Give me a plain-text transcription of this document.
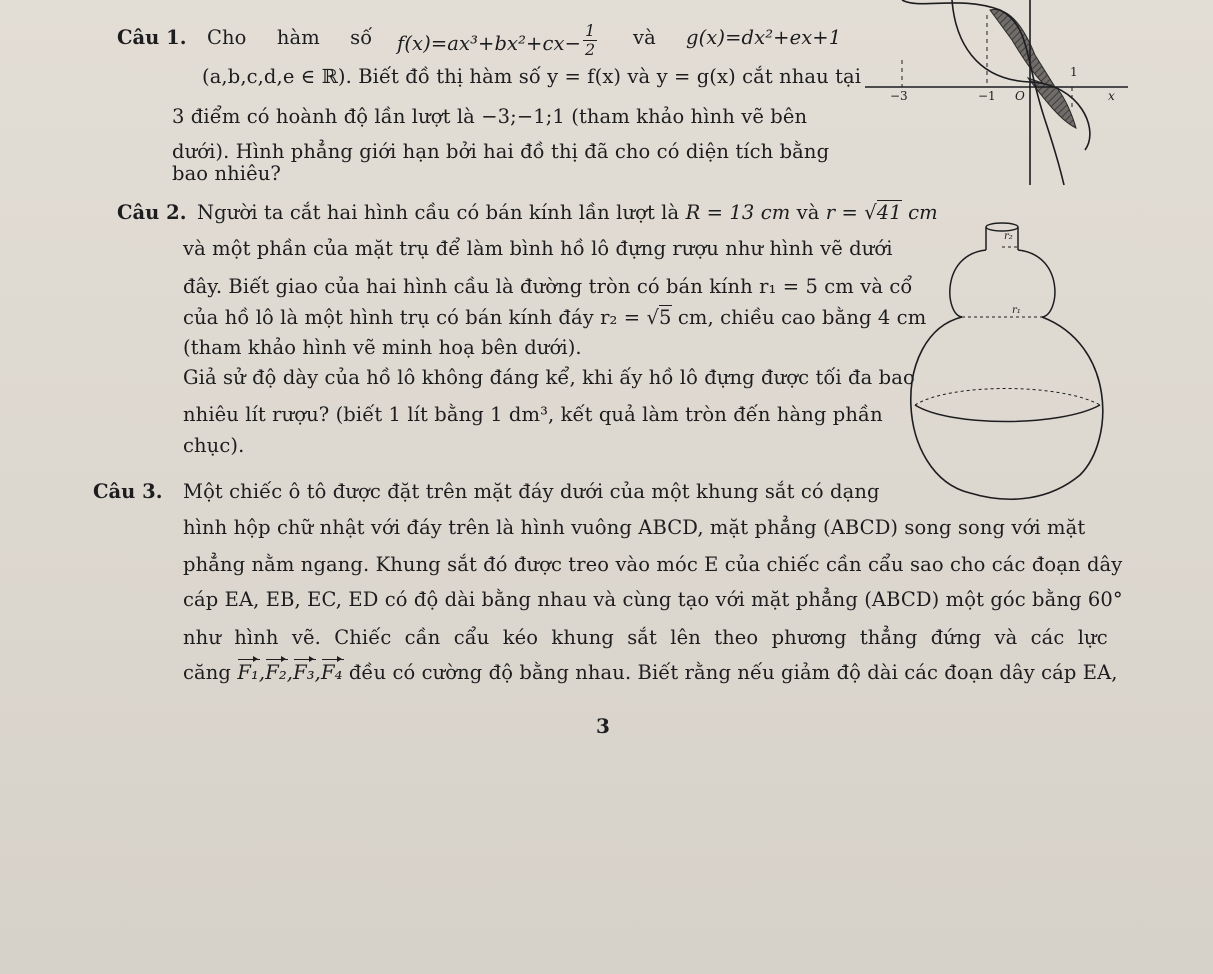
Câu 1. Cho hàm số $f(x)=ax^3+bx^2+cx- \frac{1}{2}$ và g(x)=dx²+ex+1
(a,b,c,d,e ∈ ℝ). Biết đồ thị hàm số y = f(x) và y = g(x) cắt nhau tại
3 điểm có hoành độ lần lượt là −3;−1;1 (tham khảo hình vẽ bên
dưới). Hình phẳng giới hạn bởi hai đồ thị đã cho có diện tích bằng
bao nhiêu?
−3	−1 O
1
x
Câu 2. Người ta cắt hai hình cầu có bán kính lần lượt là R = 13 cm và r = √41 cm
và một phần của mặt trụ để làm bình hồ lô đựng rượu như hình vẽ dưới
đây. Biết giao của hai hình cầu là đường tròn có bán kính r₁ = 5 cm và cổ
của hồ lô là một hình trụ có bán kính đáy r₂ = √5 cm, chiều cao bằng 4 cm
(tham khảo hình vẽ minh hoạ bên dưới).
Giả sử độ dày của hồ lô không đáng kể, khi ấy hồ lô đựng được tối đa bao
nhiêu lít rượu? (biết 1 lít bằng 1 dm³, kết quả làm tròn đến hàng phần
chục).
r₂
r₁
Câu 3. Một chiếc ô tô được đặt trên mặt đáy dưới của một khung sắt có dạng
hình hộp chữ nhật với đáy trên là hình vuông ABCD, mặt phẳng (ABCD) song song với mặt
phẳng nằm ngang. Khung sắt đó được treo vào móc E của chiếc cần cẩu sao cho các đoạn dây
cáp EA, EB, EC, ED có độ dài bằng nhau và cùng tạo với mặt phẳng (ABCD) một góc bằng 60°
như hình vẽ. Chiếc cần cẩu kéo khung sắt lên theo phương thẳng đứng và các lực
căng F₁,F₂,F₃,F₄ đều có cường độ bằng nhau. Biết rằng nếu giảm độ dài các đoạn dây cáp EA,
3
